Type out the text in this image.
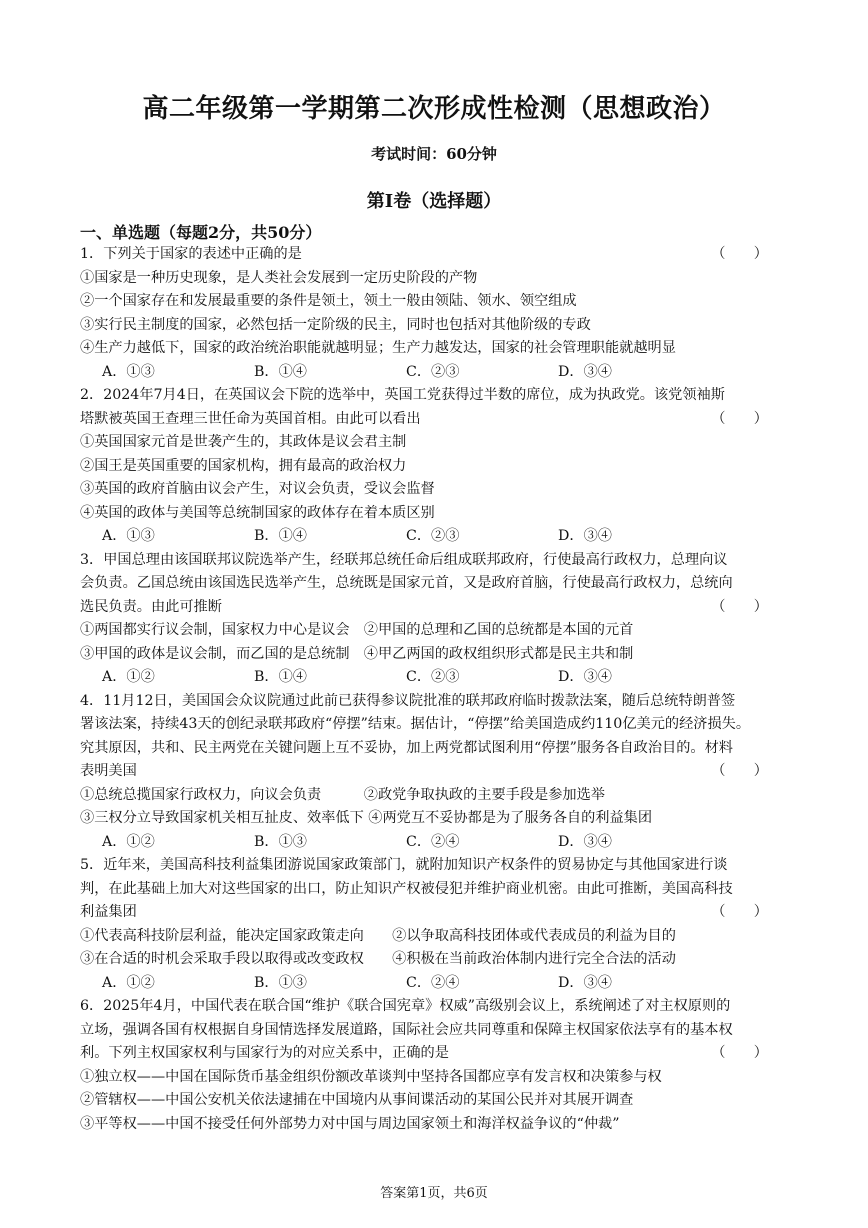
高二年级第一学期第二次形成性检测（思想政治）
考试时间：60分钟
第Ⅰ卷（选择题）
一、单选题（每题2分，共50分）
1．下列关于国家的表述中正确的是	（　　）
①国家是一种历史现象，是人类社会发展到一定历史阶段的产物
②一个国家存在和发展最重要的条件是领土，领土一般由领陆、领水、领空组成
③实行民主制度的国家，必然包括一定阶级的民主，同时也包括对其他阶级的专政
④生产力越低下，国家的政治统治职能就越明显；生产力越发达，国家的社会管理职能就越明显
A．①③	B．①④	C．②③	D．③④
2．2024年7月4日，在英国议会下院的选举中，英国工党获得过半数的席位，成为执政党。该党领袖斯
塔默被英国王查理三世任命为英国首相。由此可以看出	（　　）
①英国国家元首是世袭产生的，其政体是议会君主制
②国王是英国重要的国家机构，拥有最高的政治权力
③英国的政府首脑由议会产生，对议会负责，受议会监督
④英国的政体与美国等总统制国家的政体存在着本质区别
A．①③	B．①④	C．②③	D．③④
3．甲国总理由该国联邦议院选举产生，经联邦总统任命后组成联邦政府，行使最高行政权力，总理向议
会负责。乙国总统由该国选民选举产生，总统既是国家元首，又是政府首脑，行使最高行政权力，总统向
选民负责。由此可推断	（　　）
①两国都实行议会制，国家权力中心是议会　②甲国的总理和乙国的总统都是本国的元首
③甲国的政体是议会制，而乙国的是总统制　④甲乙两国的政权组织形式都是民主共和制
A．①②	B．①④	C．②③	D．③④
4．11月12日，美国国会众议院通过此前已获得参议院批准的联邦政府临时拨款法案，随后总统特朗普签
署该法案，持续43天的创纪录联邦政府“停摆”结束。据估计，“停摆”给美国造成约110亿美元的经济损失。
究其原因，共和、民主两党在关键问题上互不妥协，加上两党都试图利用“停摆”服务各自政治目的。材料
表明美国	（　　）
①总统总揽国家行政权力，向议会负责　　　②政党争取执政的主要手段是参加选举
③三权分立导致国家机关相互扯皮、效率低下 ④两党互不妥协都是为了服务各自的利益集团
A．①②	B．①③	C．②④	D．③④
5．近年来，美国高科技利益集团游说国家政策部门，就附加知识产权条件的贸易协定与其他国家进行谈
判，在此基础上加大对这些国家的出口，防止知识产权被侵犯并维护商业机密。由此可推断，美国高科技
利益集团	（　　）
①代表高科技阶层利益，能决定国家政策走向　　②以争取高科技团体或代表成员的利益为目的
③在合适的时机会采取手段以取得或改变政权　　④积极在当前政治体制内进行完全合法的活动
A．①②	B．①③	C．②④	D．③④
6．2025年4月，中国代表在联合国“维护《联合国宪章》权威”高级别会议上，系统阐述了对主权原则的
立场，强调各国有权根据自身国情选择发展道路，国际社会应共同尊重和保障主权国家依法享有的基本权
利。下列主权国家权利与国家行为的对应关系中，正确的是	（　　）
①独立权——中国在国际货币基金组织份额改革谈判中坚持各国都应享有发言权和决策参与权
②管辖权——中国公安机关依法逮捕在中国境内从事间谍活动的某国公民并对其展开调查
③平等权——中国不接受任何外部势力对中国与周边国家领土和海洋权益争议的“仲裁”
答案第1页，共6页
